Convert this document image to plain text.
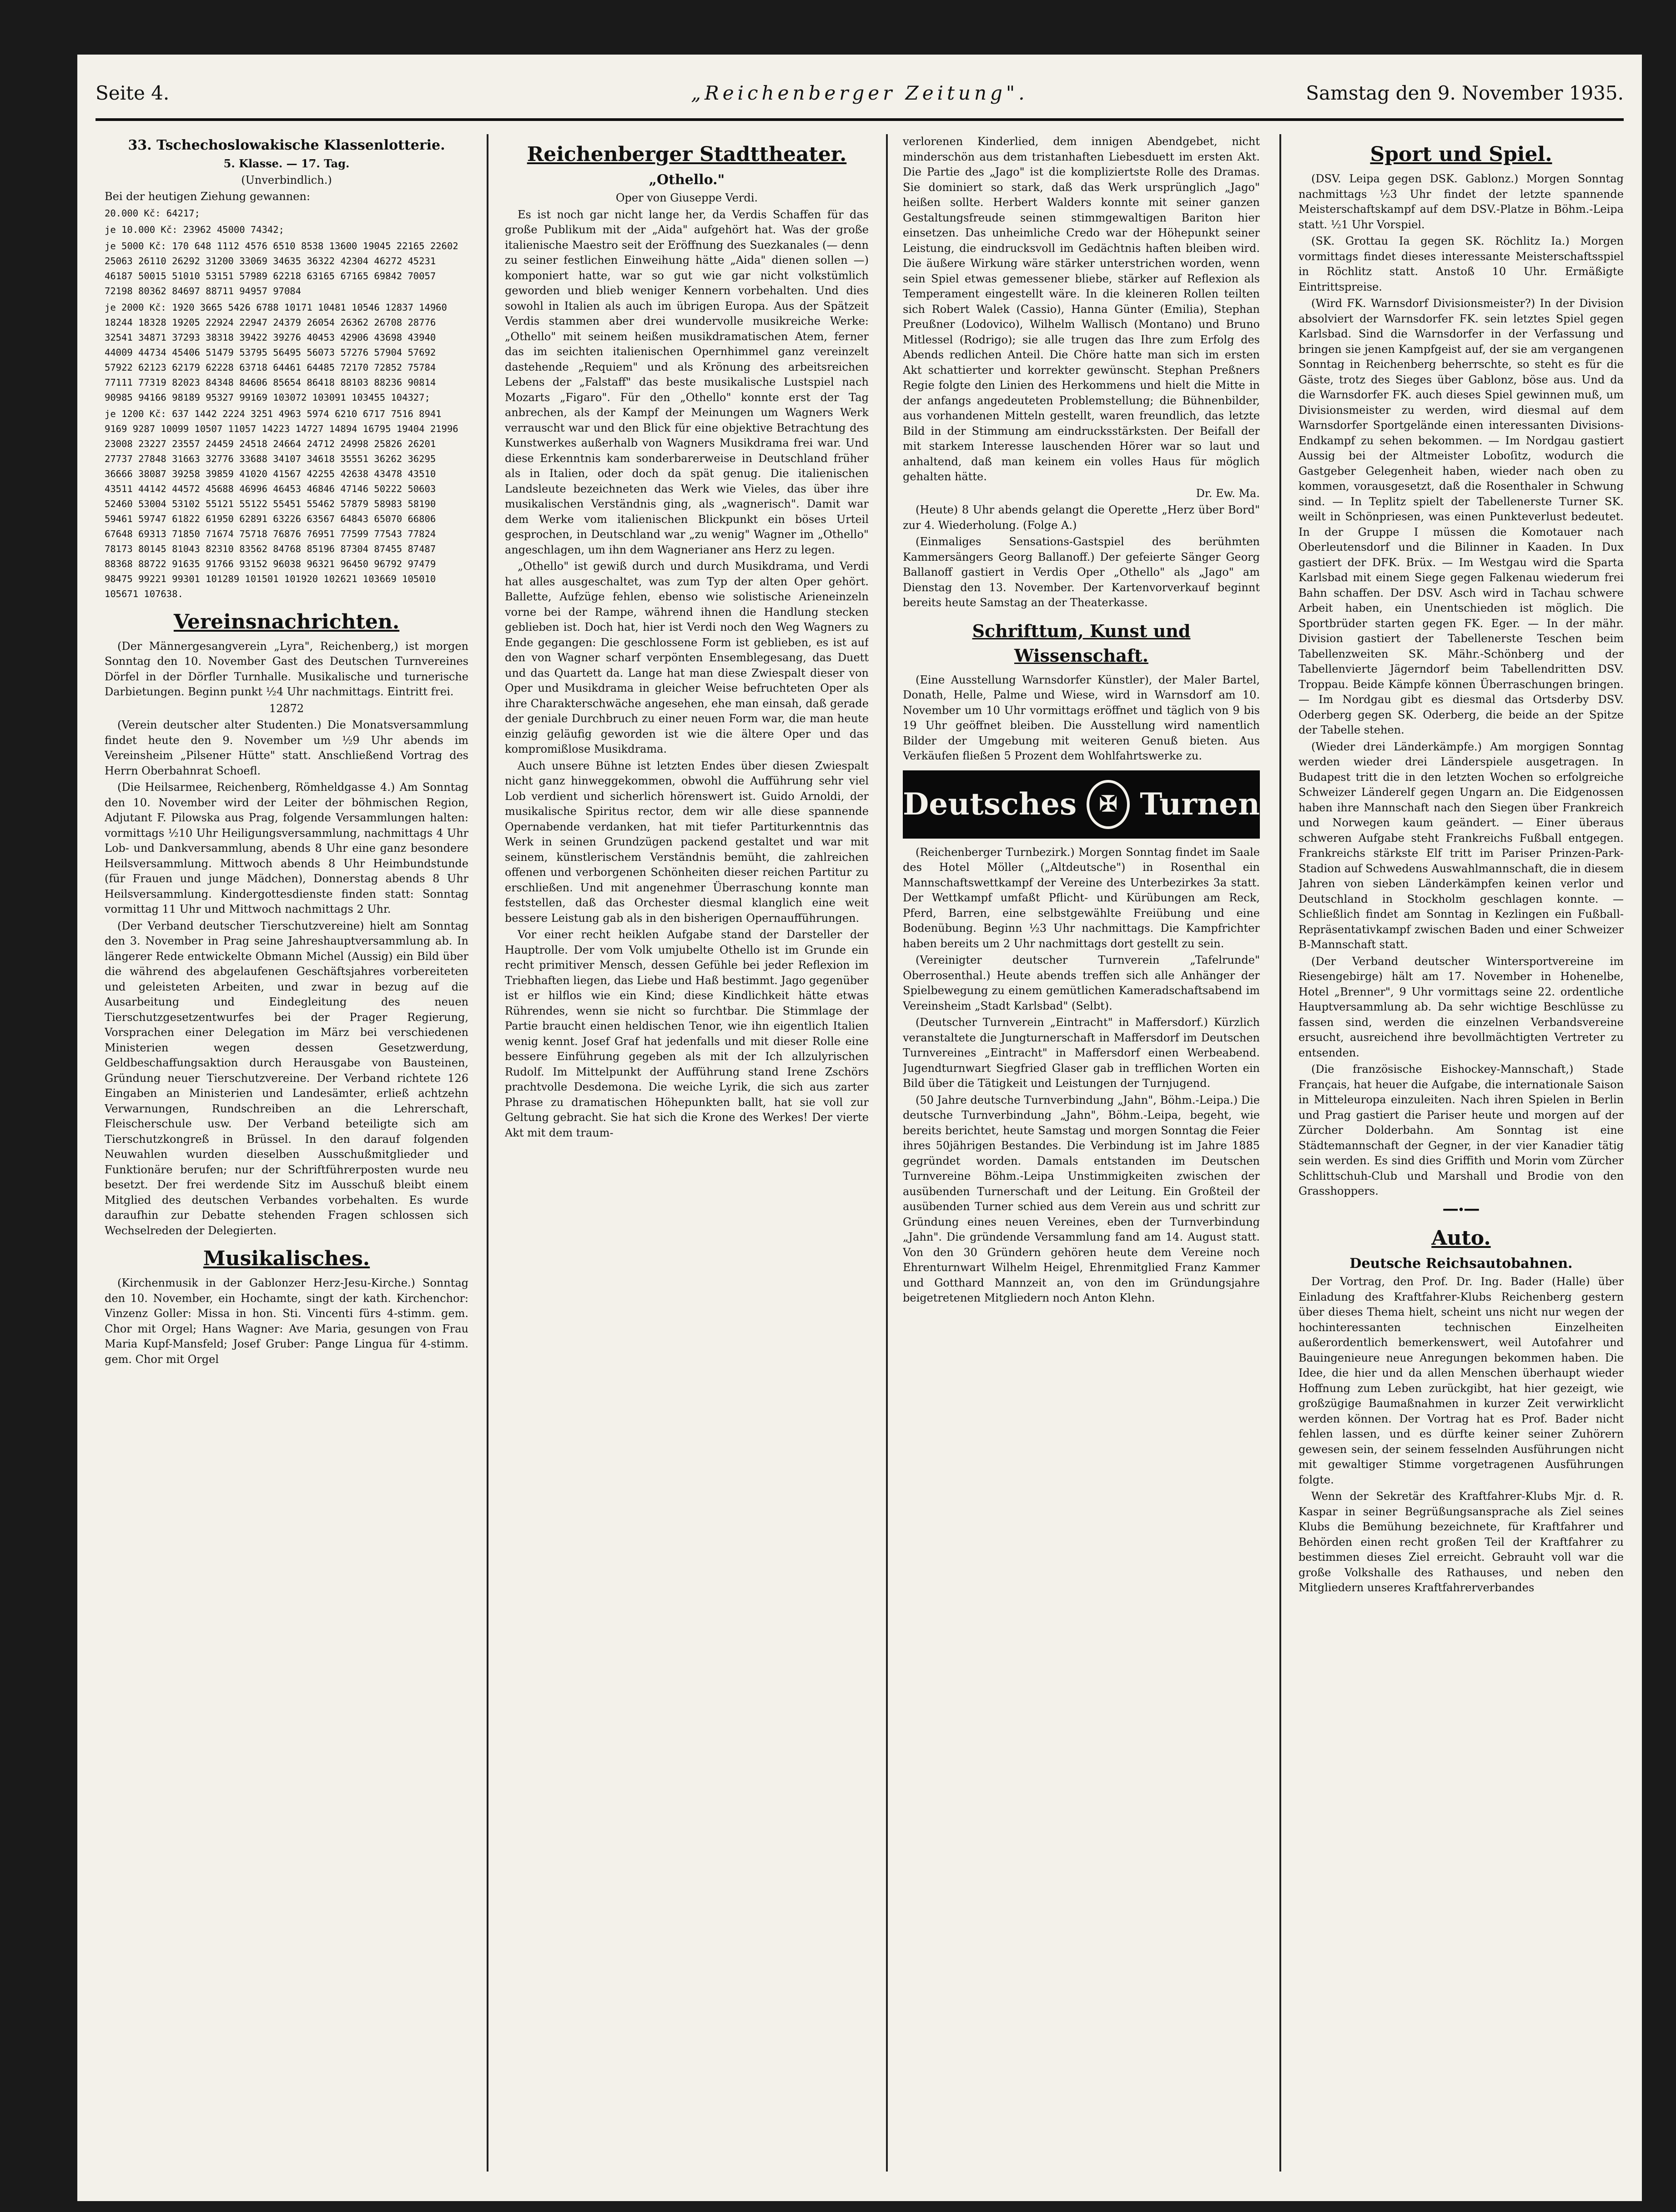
Seite 4.	„Reichenberger Zeitung".	Samstag den 9. November 1935.
33. Tschechoslowakische Klassenlotterie.

5. Klasse. — 17. Tag.

(Unverbindlich.)

Bei der heutigen Ziehung gewannen:

20.000 Kč: 64217;

je 10.000 Kč: 23962 45000 74342;

je 5000 Kč: 170 648 1112 4576 6510 8538 13600 19045 22165 22602 25063 26110 26292 31200 33069 34635 36322 42304 46272 45231 46187 50015 51010 53151 57989 62218 63165 67165 69842 70057 72198 80362 84697 88711 94957 97084

je 2000 Kč: 1920 3665 5426 6788 10171 10481 10546 12837 14960 18244 18328 19205 22924 22947 24379 26054 26362 26708 28776 32541 34871 37293 38318 39422 39276 40453 42906 43698 43940 44009 44734 45406 51479 53795 56495 56073 57276 57904 57692 57922 62123 62179 62228 63718 64461 64485 72170 72852 75784 77111 77319 82023 84348 84606 85654 86418 88103 88236 90814 90985 94166 98189 95327 99169 103072 103091 103455 104327;

je 1200 Kč: 637 1442 2224 3251 4963 5974 6210 6717 7516 8941 9169 9287 10099 10507 11057 14223 14727 14894 16795 19404 21996 23008 23227 23557 24459 24518 24664 24712 24998 25826 26201 27737 27848 31663 32776 33688 34107 34618 35551 36262 36295 36666 38087 39258 39859 41020 41567 42255 42638 43478 43510 43511 44142 44572 45688 46996 46453 46846 47146 50222 50603 52460 53004 53102 55121 55122 55451 55462 57879 58983 58190 59461 59747 61822 61950 62891 63226 63567 64843 65070 66806 67648 69313 71850 71674 75718 76876 76951 77599 77543 77824 78173 80145 81043 82310 83562 84768 85196 87304 87455 87487 88368 88722 91635 91766 93152 96038 96321 96450 96792 97479 98475 99221 99301 101289 101501 101920 102621 103669 105010 105671 107638.

Vereinsnachrichten.

(Der Männergesangverein „Lyra", Reichenberg,) ist morgen Sonntag den 10. November Gast des Deutschen Turnvereines Dörfel in der Dörfler Turnhalle. Musikalische und turnerische Darbietungen. Beginn punkt ½4 Uhr nachmittags. Eintritt frei.

12872

(Verein deutscher alter Studenten.) Die Monatsversammlung findet heute den 9. November um ½9 Uhr abends im Vereinsheim „Pilsener Hütte" statt. Anschließend Vortrag des Herrn Oberbahnrat Schoefl.

(Die Heilsarmee, Reichenberg, Römheldgasse 4.) Am Sonntag den 10. November wird der Leiter der böhmischen Region, Adjutant F. Pilowska aus Prag, folgende Versammlungen halten: vormittags ½10 Uhr Heiligungsversammlung, nachmittags 4 Uhr Lob- und Dankversammlung, abends 8 Uhr eine ganz besondere Heilsversammlung. Mittwoch abends 8 Uhr Heimbundstunde (für Frauen und junge Mädchen), Donnerstag abends 8 Uhr Heilsversammlung. Kindergottesdienste finden statt: Sonntag vormittag 11 Uhr und Mittwoch nachmittags 2 Uhr.

(Der Verband deutscher Tierschutzvereine) hielt am Sonntag den 3. November in Prag seine Jahreshauptversammlung ab. In längerer Rede entwickelte Obmann Michel (Aussig) ein Bild über die während des abgelaufenen Geschäftsjahres vorbereiteten und geleisteten Arbeiten, und zwar in bezug auf die Ausarbeitung und Eindegleitung des neuen Tierschutzgesetzentwurfes bei der Prager Regierung, Vorsprachen einer Delegation im März bei verschiedenen Ministerien wegen dessen Gesetzwerdung, Geldbeschaffungsaktion durch Herausgabe von Bausteinen, Gründung neuer Tierschutzvereine. Der Verband richtete 126 Eingaben an Ministerien und Landesämter, erließ achtzehn Verwarnungen, Rundschreiben an die Lehrerschaft, Fleischerschule usw. Der Verband beteiligte sich am Tierschutzkongreß in Brüssel. In den darauf folgenden Neuwahlen wurden dieselben Ausschußmitglieder und Funktionäre berufen; nur der Schriftführerposten wurde neu besetzt. Der frei werdende Sitz im Ausschuß bleibt einem Mitglied des deutschen Verbandes vorbehalten. Es wurde daraufhin zur Debatte stehenden Fragen schlossen sich Wechselreden der Delegierten.

Musikalisches.

(Kirchenmusik in der Gablonzer Herz-Jesu-Kirche.) Sonntag den 10. November, ein Hochamte, singt der kath. Kirchenchor: Vinzenz Goller: Missa in hon. Sti. Vincenti fürs 4-stimm. gem. Chor mit Orgel; Hans Wagner: Ave Maria, gesungen von Frau Maria Kupf-Mansfeld; Josef Gruber: Pange Lingua für 4-stimm. gem. Chor mit Orgel

Reichenberger Stadttheater.
„Othello."

Oper von Giuseppe Verdi.

Es ist noch gar nicht lange her, da Verdis Schaffen für das große Publikum mit der „Aida" aufgehört hat. Was der große italienische Maestro seit der Eröffnung des Suezkanales (— denn zu seiner festlichen Einweihung hätte „Aida" dienen sollen —) komponiert hatte, war so gut wie gar nicht volkstümlich geworden und blieb weniger Kennern vorbehalten. Und dies sowohl in Italien als auch im übrigen Europa. Aus der Spätzeit Verdis stammen aber drei wundervolle musikreiche Werke: „Othello" mit seinem heißen musikdramatischen Atem, ferner das im seichten italienischen Opernhimmel ganz vereinzelt dastehende „Requiem" und als Krönung des arbeitsreichen Lebens der „Falstaff" das beste musikalische Lustspiel nach Mozarts „Figaro". Für den „Othello" konnte erst der Tag anbrechen, als der Kampf der Meinungen um Wagners Werk verrauscht war und den Blick für eine objektive Betrachtung des Kunstwerkes außerhalb von Wagners Musikdrama frei war. Und diese Erkenntnis kam sonderbarerweise in Deutschland früher als in Italien, oder doch da spät genug. Die italienischen Landsleute bezeichneten das Werk wie Vieles, das über ihre musikalischen Verständnis ging, als „wagnerisch". Damit war dem Werke vom italienischen Blickpunkt ein böses Urteil gesprochen, in Deutschland war „zu wenig" Wagner im „Othello" angeschlagen, um ihn dem Wagnerianer ans Herz zu legen.

„Othello" ist gewiß durch und durch Musikdrama, und Verdi hat alles ausgeschaltet, was zum Typ der alten Oper gehört. Ballette, Aufzüge fehlen, ebenso wie solistische Arieneinzeln vorne bei der Rampe, während ihnen die Handlung stecken geblieben ist. Doch hat, hier ist Verdi noch den Weg Wagners zu Ende gegangen: Die geschlossene Form ist geblieben, es ist auf den von Wagner scharf verpönten Ensemblegesang, das Duett und das Quartett da. Lange hat man diese Zwiespalt dieser von Oper und Musikdrama in gleicher Weise befruchteten Oper als ihre Charakterschwäche angesehen, ehe man einsah, daß gerade der geniale Durchbruch zu einer neuen Form war, die man heute einzig geläufig geworden ist wie die ältere Oper und das kompromißlose Musikdrama.

Auch unsere Bühne ist letzten Endes über diesen Zwiespalt nicht ganz hinweggekommen, obwohl die Aufführung sehr viel Lob verdient und sicherlich hörenswert ist. Guido Arnoldi, der musikalische Spiritus rector, dem wir alle diese spannende Opernabende verdanken, hat mit tiefer Partiturkenntnis das Werk in seinen Grundzügen packend gestaltet und war mit seinem, künstlerischem Verständnis bemüht, die zahlreichen offenen und verborgenen Schönheiten dieser reichen Partitur zu erschließen. Und mit angenehmer Überraschung konnte man feststellen, daß das Orchester diesmal klanglich eine weit bessere Leistung gab als in den bisherigen Opernaufführungen.

Vor einer recht heiklen Aufgabe stand der Darsteller der Hauptrolle. Der vom Volk umjubelte Othello ist im Grunde ein recht primitiver Mensch, dessen Gefühle bei jeder Reflexion im Triebhaften liegen, das Liebe und Haß bestimmt. Jago gegenüber ist er hilflos wie ein Kind; diese Kindlichkeit hätte etwas Rührendes, wenn sie nicht so furchtbar. Die Stimmlage der Partie braucht einen heldischen Tenor, wie ihn eigentlich Italien wenig kennt. Josef Graf hat jedenfalls und mit dieser Rolle eine bessere Einführung gegeben als mit der Ich allzulyrischen Rudolf. Im Mittelpunkt der Aufführung stand Irene Zschörs prachtvolle Desdemona. Die weiche Lyrik, die sich aus zarter Phrase zu dramatischen Höhepunkten ballt, hat sie voll zur Geltung gebracht. Sie hat sich die Krone des Werkes! Der vierte Akt mit dem traum-

verlorenen Kinderlied, dem innigen Abendgebet, nicht minderschön aus dem tristanhaften Liebesduett im ersten Akt. Die Partie des „Jago" ist die kompliziertste Rolle des Dramas. Sie dominiert so stark, daß das Werk ursprünglich „Jago" heißen sollte. Herbert Walders konnte mit seiner ganzen Gestaltungsfreude seinen stimmgewaltigen Bariton hier einsetzen. Das unheimliche Credo war der Höhepunkt seiner Leistung, die eindrucksvoll im Gedächtnis haften bleiben wird. Die äußere Wirkung wäre stärker unterstrichen worden, wenn sein Spiel etwas gemessener bliebe, stärker auf Reflexion als Temperament eingestellt wäre. In die kleineren Rollen teilten sich Robert Walek (Cassio), Hanna Günter (Emilia), Stephan Preußner (Lodovico), Wilhelm Wallisch (Montano) und Bruno Mitlessel (Rodrigo); sie alle trugen das Ihre zum Erfolg des Abends redlichen Anteil. Die Chöre hatte man sich im ersten Akt schattierter und korrekter gewünscht. Stephan Preßners Regie folgte den Linien des Herkommens und hielt die Mitte in der anfangs angedeuteten Problemstellung; die Bühnenbilder, aus vorhandenen Mitteln gestellt, waren freundlich, das letzte Bild in der Stimmung am eindrucksstärksten. Der Beifall der mit starkem Interesse lauschenden Hörer war so laut und anhaltend, daß man keinem ein volles Haus für möglich gehalten hätte.

Dr. Ew. Ma.

(Heute) 8 Uhr abends gelangt die Operette „Herz über Bord" zur 4. Wiederholung. (Folge A.)

(Einmaliges Sensations-Gastspiel des berühmten Kammersängers Georg Ballanoff.) Der gefeierte Sänger Georg Ballanoff gastiert in Verdis Oper „Othello" als „Jago" am Dienstag den 13. November. Der Kartenvorverkauf beginnt bereits heute Samstag an der Theaterkasse.

Schrifttum, Kunst und Wissenschaft.

(Eine Ausstellung Warnsdorfer Künstler), der Maler Bartel, Donath, Helle, Palme und Wiese, wird in Warnsdorf am 10. November um 10 Uhr vormittags eröffnet und täglich von 9 bis 19 Uhr geöffnet bleiben. Die Ausstellung wird namentlich Bilder der Umgebung mit weiteren Genuß bieten. Aus Verkäufen fließen 5 Prozent dem Wohlfahrtswerke zu.

Deutsches	✠ Turnen

(Reichenberger Turnbezirk.) Morgen Sonntag findet im Saale des Hotel Möller („Altdeutsche") in Rosenthal ein Mannschaftswettkampf der Vereine des Unterbezirkes 3a statt. Der Wettkampf umfaßt Pflicht- und Kürübungen am Reck, Pferd, Barren, eine selbstgewählte Freiübung und eine Bodenübung. Beginn ½3 Uhr nachmittags. Die Kampfrichter haben bereits um 2 Uhr nachmittags dort gestellt zu sein.

(Vereinigter deutscher Turnverein „Tafelrunde" Oberrosenthal.) Heute abends treffen sich alle Anhänger der Spielbewegung zu einem gemütlichen Kameradschaftsabend im Vereinsheim „Stadt Karlsbad" (Selbt).

(Deutscher Turnverein „Eintracht" in Maffersdorf.) Kürzlich veranstaltete die Jungturnerschaft in Maffersdorf im Deutschen Turnvereines „Eintracht" in Maffersdorf einen Werbeabend. Jugendturnwart Siegfried Glaser gab in trefflichen Worten ein Bild über die Tätigkeit und Leistungen der Turnjugend.

(50 Jahre deutsche Turnverbindung „Jahn", Böhm.-Leipa.) Die deutsche Turnverbindung „Jahn", Böhm.-Leipa, begeht, wie bereits berichtet, heute Samstag und morgen Sonntag die Feier ihres 50jährigen Bestandes. Die Verbindung ist im Jahre 1885 gegründet worden. Damals entstanden im Deutschen Turnvereine Böhm.-Leipa Unstimmigkeiten zwischen der ausübenden Turnerschaft und der Leitung. Ein Großteil der ausübenden Turner schied aus dem Verein aus und schritt zur Gründung eines neuen Vereines, eben der Turnverbindung „Jahn". Die gründende Versammlung fand am 14. August statt. Von den 30 Gründern gehören heute dem Vereine noch Ehrenturnwart Wilhelm Heigel, Ehrenmitglied Franz Kammer und Gotthard Mannzeit an, von den im Gründungsjahre beigetretenen Mitgliedern noch Anton Klehn.

Sport und Spiel.

(DSV. Leipa gegen DSK. Gablonz.) Morgen Sonntag nachmittags ½3 Uhr findet der letzte spannende Meisterschaftskampf auf dem DSV.-Platze in Böhm.-Leipa statt. ½1 Uhr Vorspiel.

(SK. Grottau Ia gegen SK. Röchlitz Ia.) Morgen vormittags findet dieses interessante Meisterschaftsspiel in Röchlitz statt. Anstoß 10 Uhr. Ermäßigte Eintrittspreise.

(Wird FK. Warnsdorf Divisionsmeister?) In der Division absolviert der Warnsdorfer FK. sein letztes Spiel gegen Karlsbad. Sind die Warnsdorfer in der Verfassung und bringen sie jenen Kampfgeist auf, der sie am vergangenen Sonntag in Reichenberg beherrschte, so steht es für die Gäste, trotz des Sieges über Gablonz, böse aus. Und da die Warnsdorfer FK. auch dieses Spiel gewinnen muß, um Divisionsmeister zu werden, wird diesmal auf dem Warnsdorfer Sportgelände einen interessanten Divisions-Endkampf zu sehen bekommen. — Im Nordgau gastiert Aussig bei der Altmeister Loboſitz, wodurch die Gastgeber Gelegenheit haben, wieder nach oben zu kommen, vorausgesetzt, daß die Rosenthaler in Schwung sind. — In Teplitz spielt der Tabellenerste Turner SK. weilt in Schönpriesen, was einen Punkteverlust bedeutet. In der Gruppe I müssen die Komotauer nach Oberleutensdorf und die Bilinner in Kaaden. In Dux gastiert der DFK. Brüx. — Im Westgau wird die Sparta Karlsbad mit einem Siege gegen Falkenau wiederum frei Bahn schaffen. Der DSV. Asch wird in Tachau schwere Arbeit haben, ein Unentschieden ist möglich. Die Sportbrüder starten gegen FK. Eger. — In der mähr. Division gastiert der Tabellenerste Teschen beim Tabellenzweiten SK. Mähr.-Schönberg und der Tabellenvierte Jägerndorf beim Tabellendritten DSV. Troppau. Beide Kämpfe können Überraschungen bringen. — Im Nordgau gibt es diesmal das Ortsderby DSV. Oderberg gegen SK. Oderberg, die beide an der Spitze der Tabelle stehen.

(Wieder drei Länderkämpfe.) Am morgigen Sonntag werden wieder drei Länderspiele ausgetragen. In Budapest tritt die in den letzten Wochen so erfolgreiche Schweizer Länderelf gegen Ungarn an. Die Eidgenossen haben ihre Mannschaft nach den Siegen über Frankreich und Norwegen kaum geändert. — Einer überaus schweren Aufgabe steht Frankreichs Fußball entgegen. Frankreichs stärkste Elf tritt im Pariser Prinzen-Park-Stadion auf Schwedens Auswahlmannschaft, die in diesem Jahren von sieben Länderkämpfen keinen verlor und Deutschland in Stockholm geschlagen konnte. — Schließlich findet am Sonntag in Kezlingen ein Fußball-Repräsentativkampf zwischen Baden und einer Schweizer B-Mannschaft statt.

(Der Verband deutscher Wintersportvereine im Riesengebirge) hält am 17. November in Hohenelbe, Hotel „Brenner", 9 Uhr vormittags seine 22. ordentliche Hauptversammlung ab. Da sehr wichtige Beschlüsse zu fassen sind, werden die einzelnen Verbandsvereine ersucht, ausreichend ihre bevollmächtigten Vertreter zu entsenden.

(Die französische Eishockey-Mannschaft,) Stade Français, hat heuer die Aufgabe, die internationale Saison in Mitteleuropa einzuleiten. Nach ihren Spielen in Berlin und Prag gastiert die Pariser heute und morgen auf der Zürcher Dolderbahn. Am Sonntag ist eine Städtemannschaft der Gegner, in der vier Kanadier tätig sein werden. Es sind dies Griffith und Morin vom Zürcher Schlittschuh-Club und Marshall und Brodie von den Grasshoppers.

━━•━━
Auto.
Deutsche Reichsautobahnen.

Der Vortrag, den Prof. Dr. Ing. Bader (Halle) über Einladung des Kraftfahrer-Klubs Reichenberg gestern über dieses Thema hielt, scheint uns nicht nur wegen der hochinteressanten technischen Einzelheiten außerordentlich bemerkenswert, weil Autofahrer und Bauingenieure neue Anregungen bekommen haben. Die Idee, die hier und da allen Menschen überhaupt wieder Hoffnung zum Leben zurückgibt, hat hier gezeigt, wie großzügige Baumaßnahmen in kurzer Zeit verwirklicht werden können. Der Vortrag hat es Prof. Bader nicht fehlen lassen, und es dürfte keiner seiner Zuhörern gewesen sein, der seinem fesselnden Ausführungen nicht mit gewaltiger Stimme vorgetragenen Ausführungen folgte.

Wenn der Sekretär des Kraftfahrer-Klubs Mjr. d. R. Kaspar in seiner Begrüßungsansprache als Ziel seines Klubs die Bemühung bezeichnete, für Kraftfahrer und Behörden einen recht großen Teil der Kraftfahrer zu bestimmen dieses Ziel erreicht. Gebrauht voll war die große Volkshalle des Rathauses, und neben den Mitgliedern unseres Kraftfahrerverbandes
